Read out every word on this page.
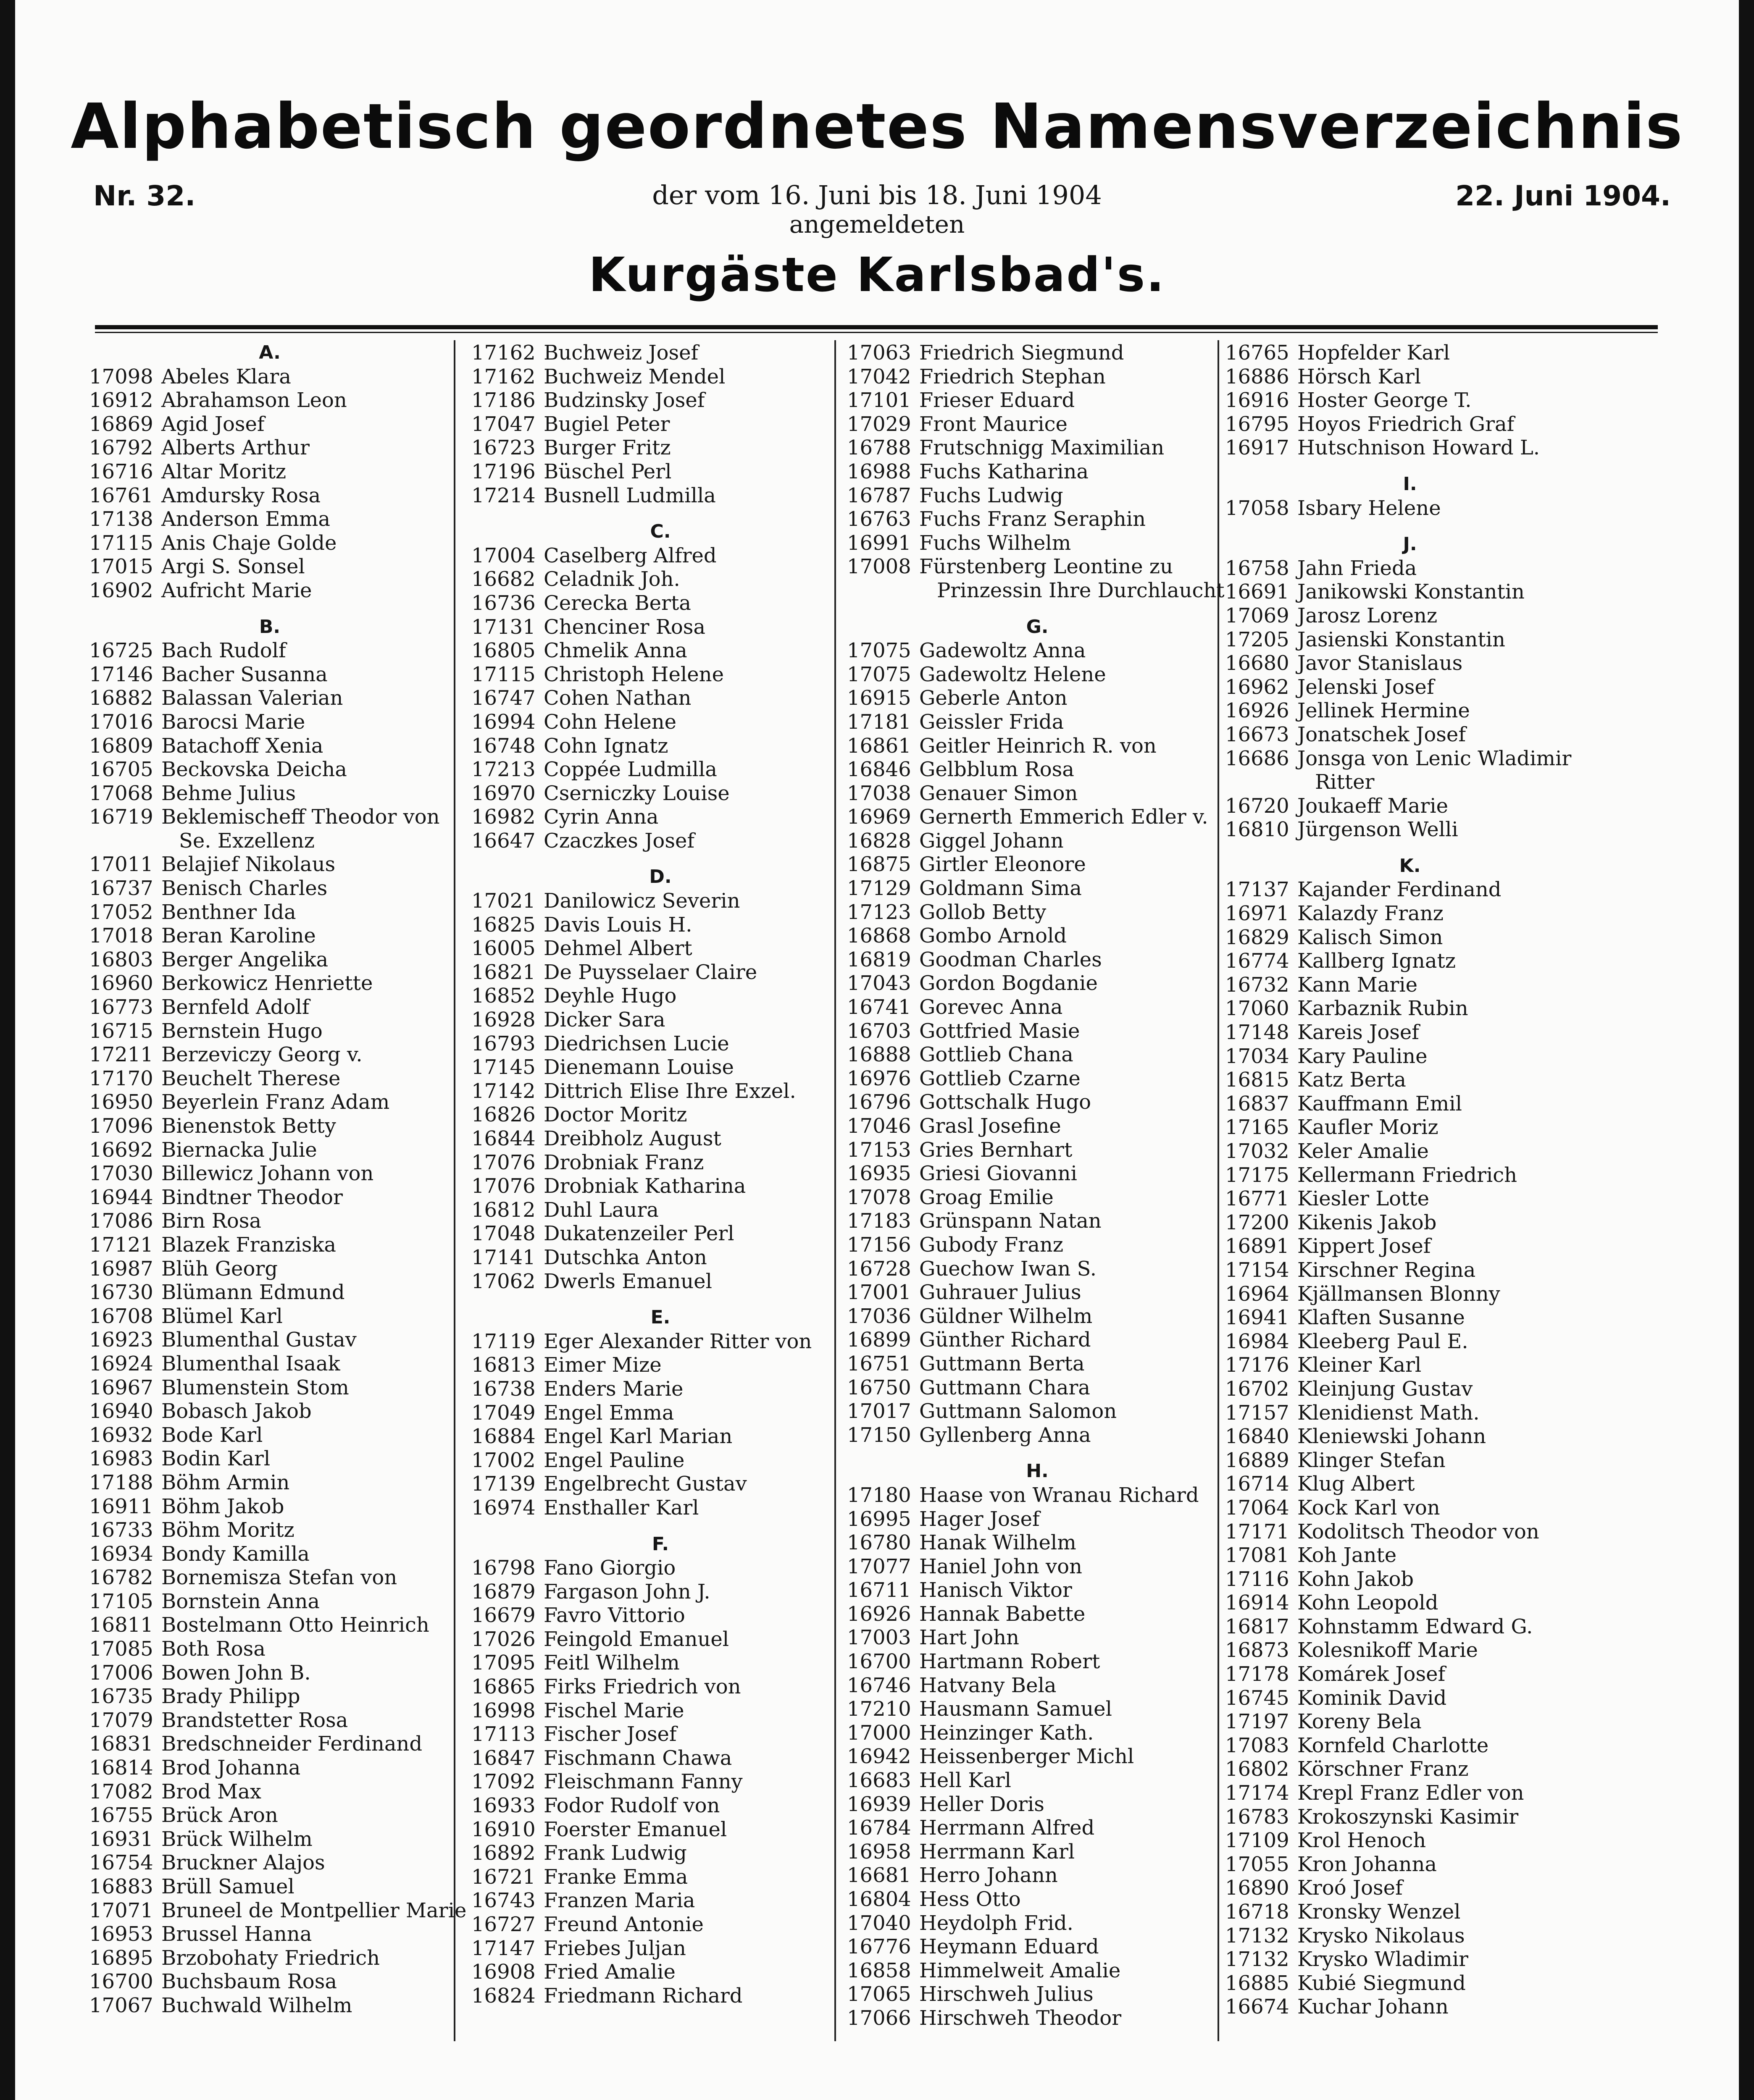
Alphabetisch geordnetes Namensverzeichnis
Nr. 32.	der vom 16. Juni bis 18. Juni 1904
angemeldeten
22. Juni 1904.
Kurgäste Karlsbad's.
A.
17098 Abeles Klara
16912 Abrahamson Leon
16869 Agid Josef
16792 Alberts Arthur
16716 Altar Moritz
16761 Amdursky Rosa
17138 Anderson Emma
17115 Anis Chaje Golde
17015 Argi S. Sonsel
16902 Aufricht Marie
B.
16725 Bach Rudolf
17146 Bacher Susanna
16882 Balassan Valerian
17016 Barocsi Marie
16809 Batachoff Xenia
16705 Beckovska Deicha
17068 Behme Julius
16719 Beklemischeff Theodor von
Se. Exzellenz
17011 Belajief Nikolaus
16737 Benisch Charles
17052 Benthner Ida
17018 Beran Karoline
16803 Berger Angelika
16960 Berkowicz Henriette
16773 Bernfeld Adolf
16715 Bernstein Hugo
17211 Berzeviczy Georg v.
17170 Beuchelt Therese
16950 Beyerlein Franz Adam
17096 Bienenstok Betty
16692 Biernacka Julie
17030 Billewicz Johann von
16944 Bindtner Theodor
17086 Birn Rosa
17121 Blazek Franziska
16987 Blüh Georg
16730 Blümann Edmund
16708 Blümel Karl
16923 Blumenthal Gustav
16924 Blumenthal Isaak
16967 Blumenstein Stom
16940 Bobasch Jakob
16932 Bode Karl
16983 Bodin Karl
17188 Böhm Armin
16911 Böhm Jakob
16733 Böhm Moritz
16934 Bondy Kamilla
16782 Bornemisza Stefan von
17105 Bornstein Anna
16811 Bostelmann Otto Heinrich
17085 Both Rosa
17006 Bowen John B.
16735 Brady Philipp
17079 Brandstetter Rosa
16831 Bredschneider Ferdinand
16814 Brod Johanna
17082 Brod Max
16755 Brück Aron
16931 Brück Wilhelm
16754 Bruckner Alajos
16883 Brüll Samuel
17071 Bruneel de Montpellier Marie
16953 Brussel Hanna
16895 Brzobohaty Friedrich
16700 Buchsbaum Rosa
17067 Buchwald Wilhelm
17162 Buchweiz Josef
17162 Buchweiz Mendel
17186 Budzinsky Josef
17047 Bugiel Peter
16723 Burger Fritz
17196 Büschel Perl
17214 Busnell Ludmilla
C.
17004 Caselberg Alfred
16682 Celadnik Joh.
16736 Cerecka Berta
17131 Chenciner Rosa
16805 Chmelik Anna
17115 Christoph Helene
16747 Cohen Nathan
16994 Cohn Helene
16748 Cohn Ignatz
17213 Coppée Ludmilla
16970 Cserniczky Louise
16982 Cyrin Anna
16647 Czaczkes Josef
D.
17021 Danilowicz Severin
16825 Davis Louis H.
16005 Dehmel Albert
16821 De Puysselaer Claire
16852 Deyhle Hugo
16928 Dicker Sara
16793 Diedrichsen Lucie
17145 Dienemann Louise
17142 Dittrich Elise Ihre Exzel.
16826 Doctor Moritz
16844 Dreibholz August
17076 Drobniak Franz
17076 Drobniak Katharina
16812 Duhl Laura
17048 Dukatenzeiler Perl
17141 Dutschka Anton
17062 Dwerls Emanuel
E.
17119 Eger Alexander Ritter von
16813 Eimer Mize
16738 Enders Marie
17049 Engel Emma
16884 Engel Karl Marian
17002 Engel Pauline
17139 Engelbrecht Gustav
16974 Ensthaller Karl
F.
16798 Fano Giorgio
16879 Fargason John J.
16679 Favro Vittorio
17026 Feingold Emanuel
17095 Feitl Wilhelm
16865 Firks Friedrich von
16998 Fischel Marie
17113 Fischer Josef
16847 Fischmann Chawa
17092 Fleischmann Fanny
16933 Fodor Rudolf von
16910 Foerster Emanuel
16892 Frank Ludwig
16721 Franke Emma
16743 Franzen Maria
16727 Freund Antonie
17147 Friebes Juljan
16908 Fried Amalie
16824 Friedmann Richard
17063 Friedrich Siegmund
17042 Friedrich Stephan
17101 Frieser Eduard
17029 Front Maurice
16788 Frutschnigg Maximilian
16988 Fuchs Katharina
16787 Fuchs Ludwig
16763 Fuchs Franz Seraphin
16991 Fuchs Wilhelm
17008 Fürstenberg Leontine zu
Prinzessin Ihre Durchlaucht
G.
17075 Gadewoltz Anna
17075 Gadewoltz Helene
16915 Geberle Anton
17181 Geissler Frida
16861 Geitler Heinrich R. von
16846 Gelbblum Rosa
17038 Genauer Simon
16969 Gernerth Emmerich Edler v.
16828 Giggel Johann
16875 Girtler Eleonore
17129 Goldmann Sima
17123 Gollob Betty
16868 Gombo Arnold
16819 Goodman Charles
17043 Gordon Bogdanie
16741 Gorevec Anna
16703 Gottfried Masie
16888 Gottlieb Chana
16976 Gottlieb Czarne
16796 Gottschalk Hugo
17046 Grasl Josefine
17153 Gries Bernhart
16935 Griesi Giovanni
17078 Groag Emilie
17183 Grünspann Natan
17156 Gubody Franz
16728 Guechow Iwan S.
17001 Guhrauer Julius
17036 Güldner Wilhelm
16899 Günther Richard
16751 Guttmann Berta
16750 Guttmann Chara
17017 Guttmann Salomon
17150 Gyllenberg Anna
H.
17180 Haase von Wranau Richard
16995 Hager Josef
16780 Hanak Wilhelm
17077 Haniel John von
16711 Hanisch Viktor
16926 Hannak Babette
17003 Hart John
16700 Hartmann Robert
16746 Hatvany Bela
17210 Hausmann Samuel
17000 Heinzinger Kath.
16942 Heissenberger Michl
16683 Hell Karl
16939 Heller Doris
16784 Herrmann Alfred
16958 Herrmann Karl
16681 Herro Johann
16804 Hess Otto
17040 Heydolph Frid.
16776 Heymann Eduard
16858 Himmelweit Amalie
17065 Hirschweh Julius
17066 Hirschweh Theodor
16765 Hopfelder Karl
16886 Hörsch Karl
16916 Hoster George T.
16795 Hoyos Friedrich Graf
16917 Hutschnison Howard L.
I.
17058 Isbary Helene
J.
16758 Jahn Frieda
16691 Janikowski Konstantin
17069 Jarosz Lorenz
17205 Jasienski Konstantin
16680 Javor Stanislaus
16962 Jelenski Josef
16926 Jellinek Hermine
16673 Jonatschek Josef
16686 Jonsga von Lenic Wladimir
Ritter
16720 Joukaeff Marie
16810 Jürgenson Welli
K.
17137 Kajander Ferdinand
16971 Kalazdy Franz
16829 Kalisch Simon
16774 Kallberg Ignatz
16732 Kann Marie
17060 Karbaznik Rubin
17148 Kareis Josef
17034 Kary Pauline
16815 Katz Berta
16837 Kauffmann Emil
17165 Kaufler Moriz
17032 Keler Amalie
17175 Kellermann Friedrich
16771 Kiesler Lotte
17200 Kikenis Jakob
16891 Kippert Josef
17154 Kirschner Regina
16964 Kjällmansen Blonny
16941 Klaften Susanne
16984 Kleeberg Paul E.
17176 Kleiner Karl
16702 Kleinjung Gustav
17157 Klenidienst Math.
16840 Kleniewski Johann
16889 Klinger Stefan
16714 Klug Albert
17064 Kock Karl von
17171 Kodolitsch Theodor von
17081 Koh Jante
17116 Kohn Jakob
16914 Kohn Leopold
16817 Kohnstamm Edward G.
16873 Kolesnikoff Marie
17178 Komárek Josef
16745 Kominik David
17197 Koreny Bela
17083 Kornfeld Charlotte
16802 Körschner Franz
17174 Krepl Franz Edler von
16783 Krokoszynski Kasimir
17109 Krol Henoch
17055 Kron Johanna
16890 Kroó Josef
16718 Kronsky Wenzel
17132 Krysko Nikolaus
17132 Krysko Wladimir
16885 Kubié Siegmund
16674 Kuchar Johann
